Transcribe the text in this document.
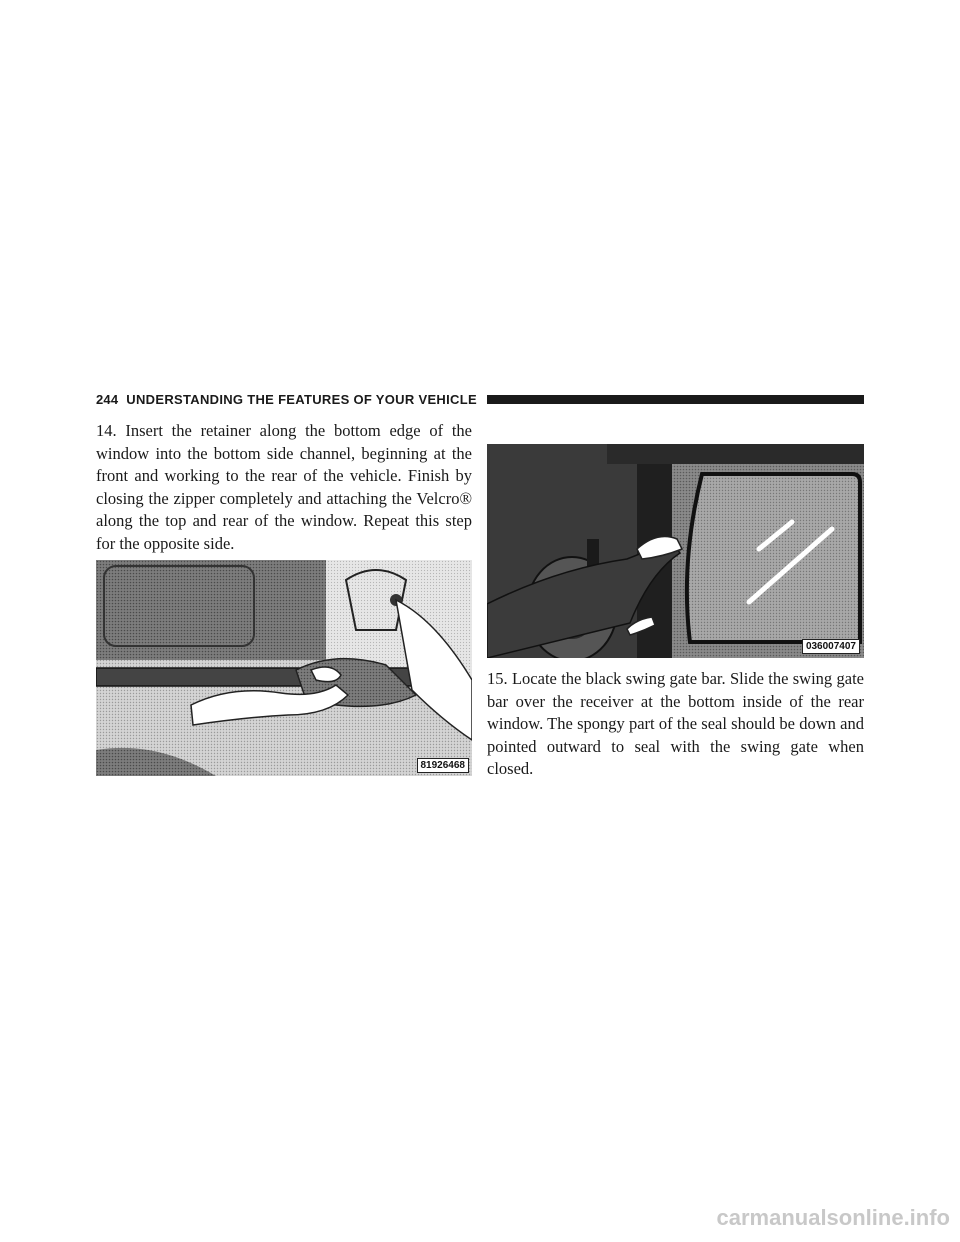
244 UNDERSTANDING THE FEATURES OF YOUR VEHICLE

14. Insert the retainer along the bottom edge of the window into the bottom side channel, beginning at the front and working to the rear of the vehicle. Finish by closing the zipper completely and attaching the Velcro® along the top and rear of the window. Repeat this step for the opposite side.

81926468
036007407

15. Locate the black swing gate bar. Slide the swing gate bar over the receiver at the bottom inside of the rear window. The spongy part of the seal should be down and pointed outward to seal with the swing gate when closed.

carmanualsonline.info
